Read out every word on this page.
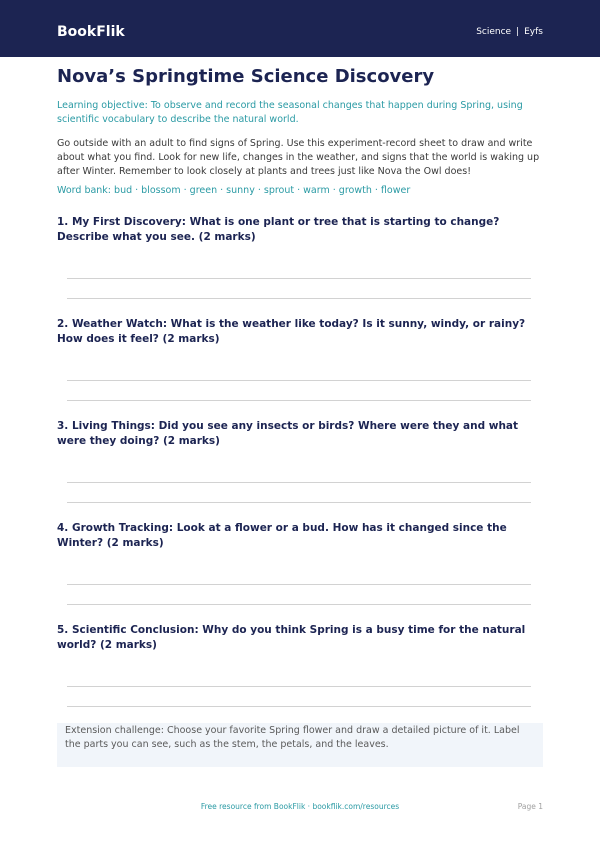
BookFlik	Science | Eyfs
Nova’s Springtime Science Discovery
Learning objective: To observe and record the seasonal changes that happen during Spring, using scientific vocabulary to describe the natural world.
Go outside with an adult to find signs of Spring. Use this experiment-record sheet to draw and write about what you find. Look for new life, changes in the weather, and signs that the world is waking up after Winter. Remember to look closely at plants and trees just like Nova the Owl does!
Word bank: bud · blossom · green · sunny · sprout · warm · growth · flower
1. My First Discovery: What is one plant or tree that is starting to change? Describe what you see. (2 marks)
2. Weather Watch: What is the weather like today? Is it sunny, windy, or rainy? How does it feel? (2 marks)
3. Living Things: Did you see any insects or birds? Where were they and what were they doing? (2 marks)
4. Growth Tracking: Look at a flower or a bud. How has it changed since the Winter? (2 marks)
5. Scientific Conclusion: Why do you think Spring is a busy time for the natural world? (2 marks)
Extension challenge: Choose your favorite Spring flower and draw a detailed picture of it. Label the parts you can see, such as the stem, the petals, and the leaves.
Free resource from BookFlik · bookflik.com/resources	Page 1
